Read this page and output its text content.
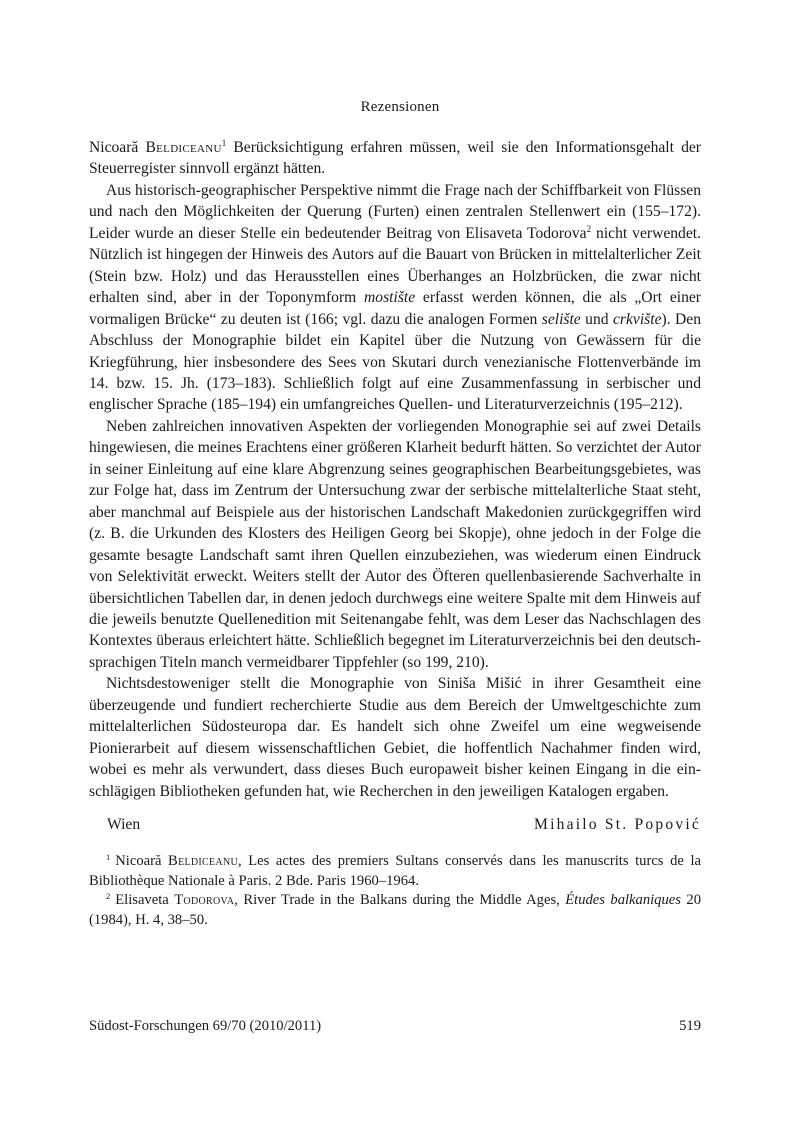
Rezensionen

Nicoară Beldiceanu$^1$ Berücksichtigung erfahren müssen, weil sie den Informationsgehalt der Steuerregister sinnvoll ergänzt hätten.

Aus historisch-geographischer Perspektive nimmt die Frage nach der Schiffbarkeit von Flüssen und nach den Möglichkeiten der Querung (Furten) einen zentralen Stellenwert ein (155–172). Leider wurde an dieser Stelle ein bedeutender Beitrag von Elisaveta Todorova$^2$ nicht verwendet. Nützlich ist hingegen der Hinweis des Autors auf die Bauart von Brücken in mittelalterlicher Zeit (Stein bzw. Holz) und das Herausstellen eines Überhanges an Holzbrücken, die zwar nicht erhalten sind, aber in der Toponymform mostište erfasst werden können, die als „Ort einer vormaligen Brücke“ zu deuten ist (166; vgl. dazu die analogen Formen selište und crkvište). Den Abschluss der Monographie bildet ein Kapitel über die Nutzung von Gewässern für die Kriegführung, hier insbesondere des Sees von Skutari durch venezianische Flottenverbände im 14. bzw. 15. Jh. (173–183). Schließlich folgt auf eine Zusammenfassung in serbischer und englischer Sprache (185–194) ein umfangreiches Quellen- und Literaturverzeichnis (195–212).

Neben zahlreichen innovativen Aspekten der vorliegenden Monographie sei auf zwei Details hingewiesen, die meines Erachtens einer größeren Klarheit bedurft hätten. So verzichtet der Autor in seiner Einleitung auf eine klare Abgrenzung seines geographischen Bearbeitungsgebietes, was zur Folge hat, dass im Zentrum der Untersuchung zwar der serbische mittelalterliche Staat steht, aber manchmal auf Beispiele aus der historischen Landschaft Makedonien zurückgegriffen wird (z. B. die Urkunden des Klosters des Heiligen Georg bei Skopje), ohne jedoch in der Folge die gesamte besagte Landschaft samt ihren Quellen einzubeziehen, was wiederum einen Eindruck von Selektivität erweckt. Weiters stellt der Autor des Öfteren quellenbasierende Sachverhalte in übersichtlichen Tabellen dar, in denen jedoch durchwegs eine weitere Spalte mit dem Hinweis auf die jeweils benutzte Quellenedition mit Seitenangabe fehlt, was dem Leser das Nachschlagen des Kontextes überaus erleichtert hätte. Schließlich begegnet im Literaturverzeichnis bei den deutschsprachigen Titeln manch vermeidbarer Tippfehler (so 199, 210).

Nichtsdestoweniger stellt die Monographie von Siniša Mišić in ihrer Gesamtheit eine überzeugende und fundiert recherchierte Studie aus dem Bereich der Umweltgeschichte zum mittelalterlichen Südosteuropa dar. Es handelt sich ohne Zweifel um eine wegweisende Pionierarbeit auf diesem wissenschaftlichen Gebiet, die hoffentlich Nachahmer finden wird, wobei es mehr als verwundert, dass dieses Buch europaweit bisher keinen Eingang in die einschlägigen Bibliotheken gefunden hat, wie Recherchen in den jeweiligen Katalogen ergaben.

Wien	Mihailo St. Popović

$^1$ Nicoară Beldiceanu, Les actes des premiers Sultans conservés dans les manuscrits turcs de la Bibliothèque Nationale à Paris. 2 Bde. Paris 1960–1964.

$^2$ Elisaveta Todorova, River Trade in the Balkans during the Middle Ages, Études balkaniques 20 (1984), H. 4, 38–50.

Südost-Forschungen 69/70 (2010/2011)	519
